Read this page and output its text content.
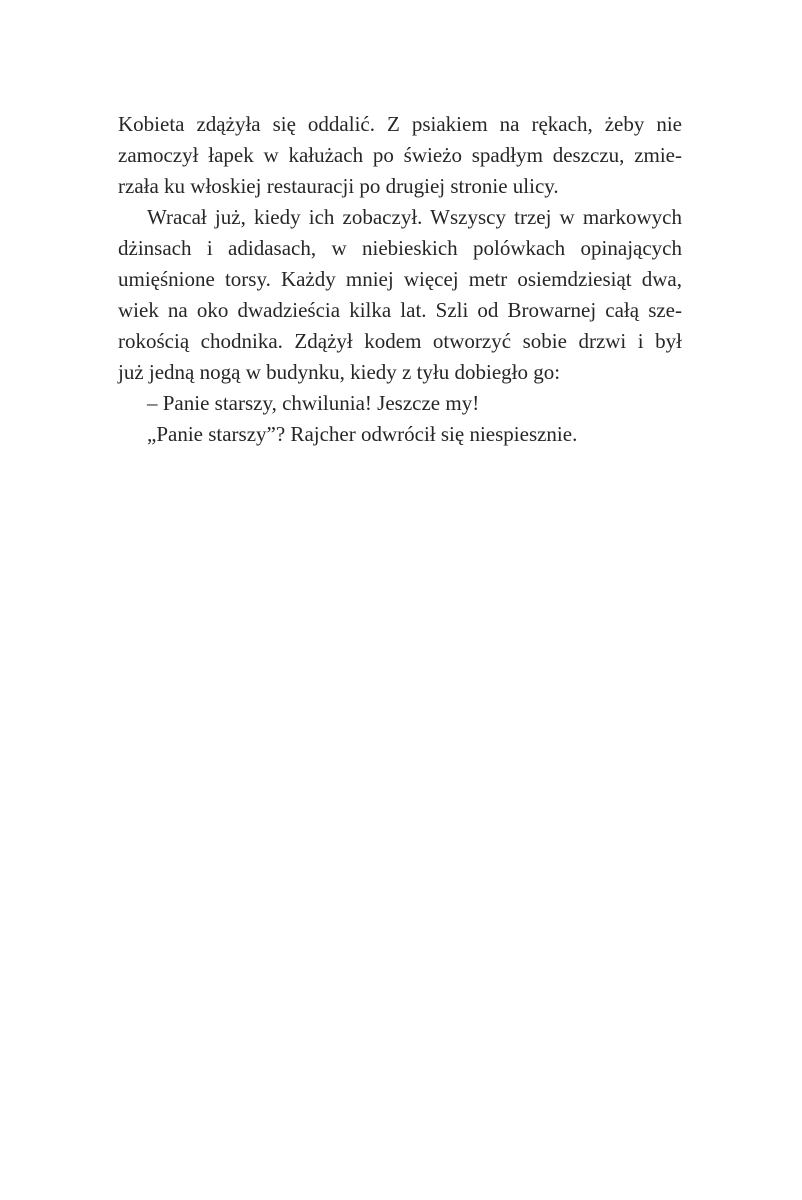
Kobieta zdążyła się oddalić. Z psiakiem na rękach, żeby nie
zamoczył łapek w kałużach po świeżo spadłym deszczu, zmie-
rzała ku włoskiej restauracji po drugiej stronie ulicy.
Wracał już, kiedy ich zobaczył. Wszyscy trzej w markowych
dżinsach i adidasach, w niebieskich polówkach opinających
umięśnione torsy. Każdy mniej więcej metr osiemdziesiąt dwa,
wiek na oko dwadzieścia kilka lat. Szli od Browarnej całą sze-
rokością chodnika. Zdążył kodem otworzyć sobie drzwi i był
już jedną nogą w budynku, kiedy z tyłu dobiegło go:
– Panie starszy, chwilunia! Jeszcze my!
„Panie starszy”? Rajcher odwrócił się niespiesznie.
